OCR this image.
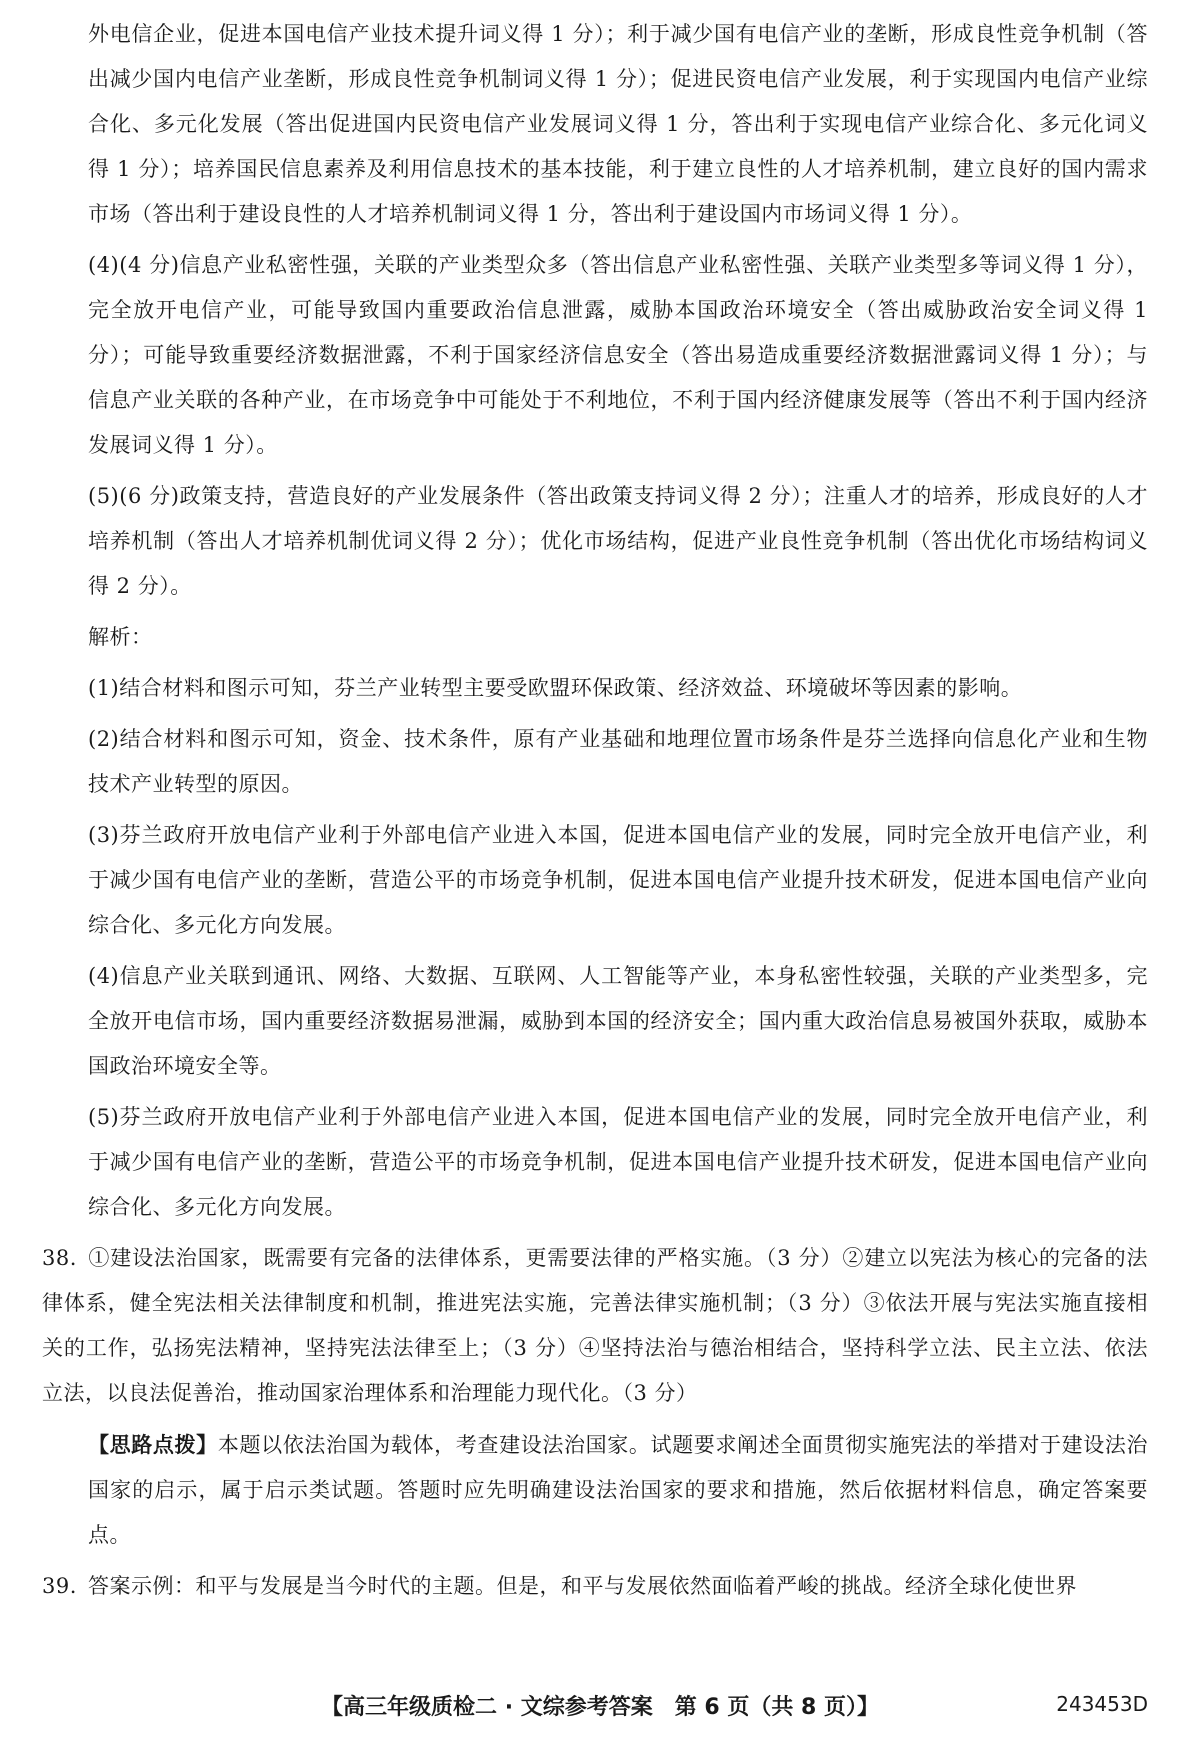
外电信企业，促进本国电信产业技术提升词义得 1 分）；利于减少国有电信产业的垄断，形成良性竞争机制（答出减少国内电信产业垄断，形成良性竞争机制词义得 1 分）；促进民资电信产业发展，利于实现国内电信产业综合化、多元化发展（答出促进国内民资电信产业发展词义得 1 分，答出利于实现电信产业综合化、多元化词义得 1 分）；培养国民信息素养及利用信息技术的基本技能，利于建立良性的人才培养机制，建立良好的国内需求市场（答出利于建设良性的人才培养机制词义得 1 分，答出利于建设国内市场词义得 1 分）。

(4)(4 分)信息产业私密性强，关联的产业类型众多（答出信息产业私密性强、关联产业类型多等词义得 1 分），完全放开电信产业，可能导致国内重要政治信息泄露，威胁本国政治环境安全（答出威胁政治安全词义得 1 分）；可能导致重要经济数据泄露，不利于国家经济信息安全（答出易造成重要经济数据泄露词义得 1 分）；与信息产业关联的各种产业，在市场竞争中可能处于不利地位，不利于国内经济健康发展等（答出不利于国内经济发展词义得 1 分）。

(5)(6 分)政策支持，营造良好的产业发展条件（答出政策支持词义得 2 分）；注重人才的培养，形成良好的人才培养机制（答出人才培养机制优词义得 2 分）；优化市场结构，促进产业良性竞争机制（答出优化市场结构词义得 2 分）。

解析：

(1)结合材料和图示可知，芬兰产业转型主要受欧盟环保政策、经济效益、环境破坏等因素的影响。

(2)结合材料和图示可知，资金、技术条件，原有产业基础和地理位置市场条件是芬兰选择向信息化产业和生物技术产业转型的原因。

(3)芬兰政府开放电信产业利于外部电信产业进入本国，促进本国电信产业的发展，同时完全放开电信产业，利于减少国有电信产业的垄断，营造公平的市场竞争机制，促进本国电信产业提升技术研发，促进本国电信产业向综合化、多元化方向发展。

(4)信息产业关联到通讯、网络、大数据、互联网、人工智能等产业，本身私密性较强，关联的产业类型多，完全放开电信市场，国内重要经济数据易泄漏，威胁到本国的经济安全；国内重大政治信息易被国外获取，威胁本国政治环境安全等。

(5)芬兰政府开放电信产业利于外部电信产业进入本国，促进本国电信产业的发展，同时完全放开电信产业，利于减少国有电信产业的垄断，营造公平的市场竞争机制，促进本国电信产业提升技术研发，促进本国电信产业向综合化、多元化方向发展。

38. ①建设法治国家，既需要有完备的法律体系，更需要法律的严格实施。（3 分）②建立以宪法为核心的完备的法律体系，健全宪法相关法律制度和机制，推进宪法实施，完善法律实施机制；（3 分）③依法开展与宪法实施直接相关的工作，弘扬宪法精神，坚持宪法法律至上；（3 分）④坚持法治与德治相结合，坚持科学立法、民主立法、依法立法，以良法促善治，推动国家治理体系和治理能力现代化。（3 分）

【思路点拨】本题以依法治国为载体，考查建设法治国家。试题要求阐述全面贯彻实施宪法的举措对于建设法治国家的启示，属于启示类试题。答题时应先明确建设法治国家的要求和措施，然后依据材料信息，确定答案要点。

39. 答案示例：和平与发展是当今时代的主题。但是，和平与发展依然面临着严峻的挑战。经济全球化使世界

【高三年级质检二 · 文综参考答案　第 6 页（共 8 页）】	243453D
